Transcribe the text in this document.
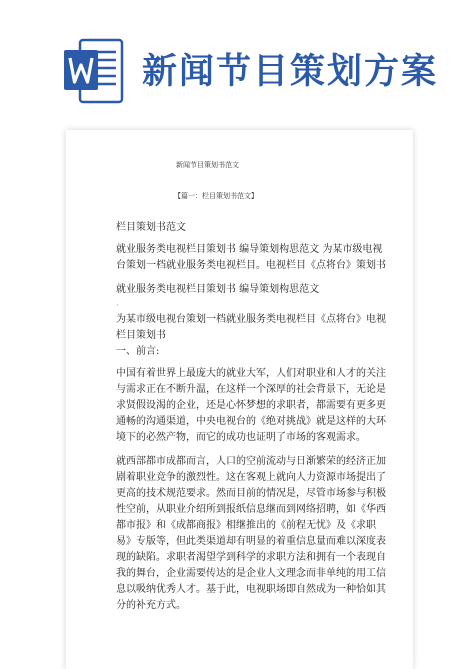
新闻节目策划方案
新闻节目策划书范文
【篇一：栏目策划书范文】

栏目策划书范文

就业服务类电视栏目策划书 编导策划构思范文 为某市级电视台策划一档就业服务类电视栏目。电视栏目《点将台》策划书

就业服务类电视栏目策划书 编导策划构思范文

·

为某市级电视台策划一档就业服务类电视栏目《点将台》电视栏目策划书

一、前言:

中国有着世界上最庞大的就业大军，人们对职业和人才的关注与需求正在不断升温，在这样一个深厚的社会背景下，无论是求贤假设渴的企业，还是心怀梦想的求职者，都需要有更多更通畅的沟通渠道，中央电视台的《绝对挑战》就是这样的大环境下的必然产物，而它的成功也证明了市场的客观需求。

就西部都市成都而言，人口的空前流动与日渐繁荣的经济正加剧着职业竞争的激烈性。这在客观上就向人力资源市场提出了更高的技术规范要求。然而目前的情况是，尽管市场参与积极性空前，从职业介绍所到报纸信息继而到网络招聘，如《华西都市报》和《成都商报》相继推出的《前程无忧》及《求职易》专版等，但此类渠道却有明显的着重信息量而难以深度表现的缺陷。求职者渴望学到科学的求职方法和拥有一个表现自我的舞台，企业需要传达的是企业人文理念而非单纯的用工信息以吸纳优秀人才。基于此，电视职场即自然成为一种恰如其分的补充方式。
